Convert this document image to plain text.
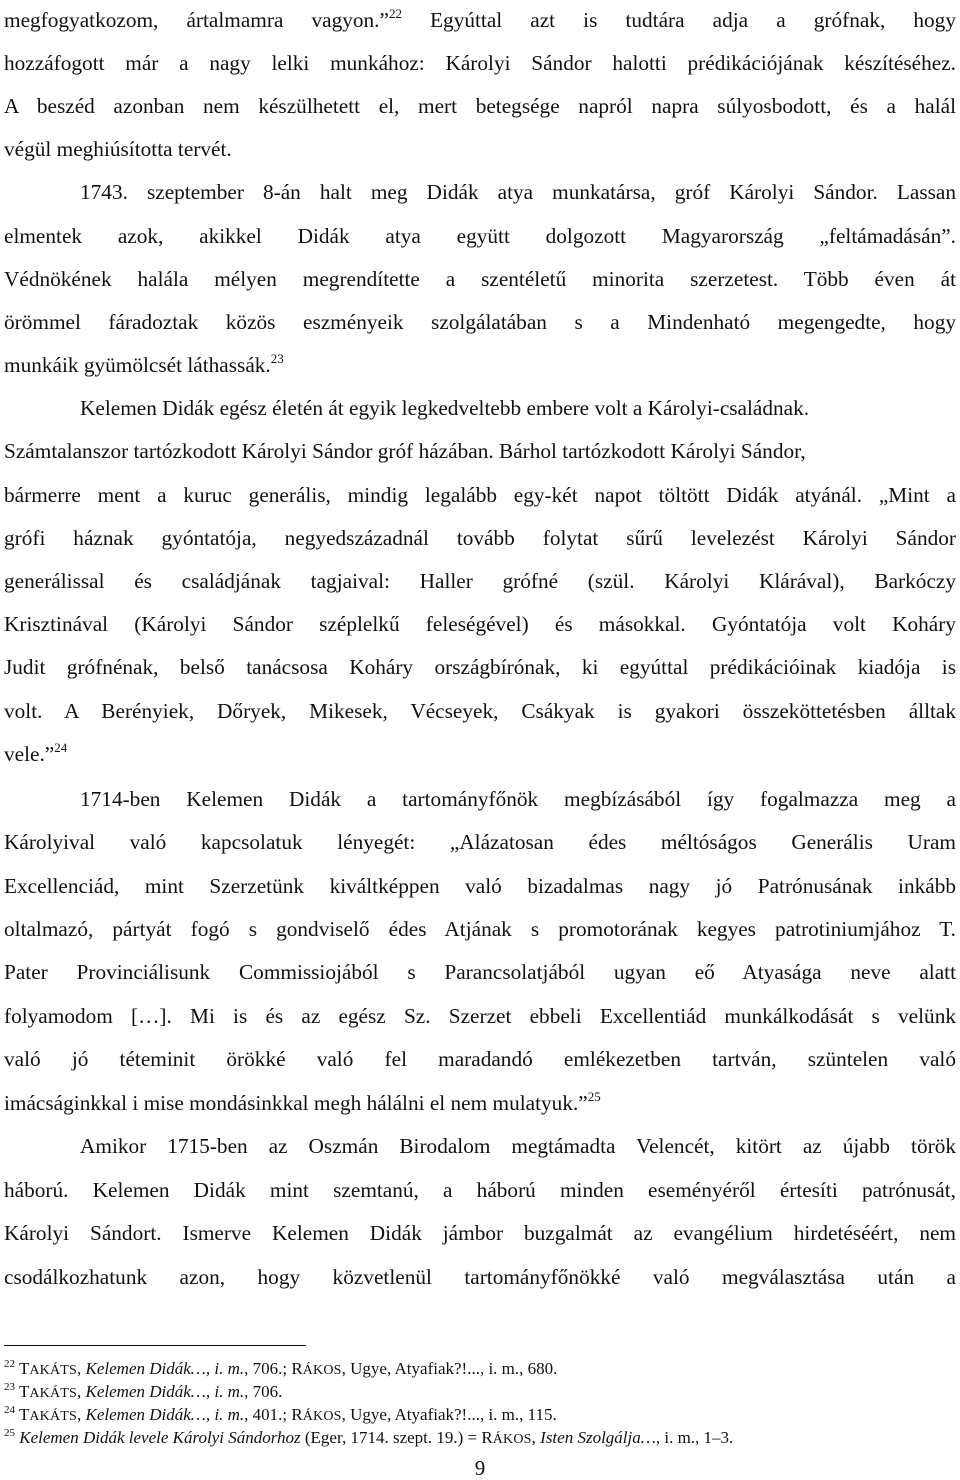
megfogyatkozom, ártalmamra vagyon.”$^{22}$ Egyúttal azt is tudtára adja a grófnak, hogy
hozzáfogott már a nagy lelki munkához: Károlyi Sándor halotti prédikációjának készítéséhez.
A beszéd azonban nem készülhetett el, mert betegsége napról napra súlyosbodott, és a halál
végül meghiúsította tervét.
1743. szeptember 8-án halt meg Didák atya munkatársa, gróf Károlyi Sándor. Lassan
elmentek azok, akikkel Didák atya együtt dolgozott Magyarország „feltámadásán”.
Védnökének halála mélyen megrendítette a szentéletű minorita szerzetest. Több éven át
örömmel fáradoztak közös eszményeik szolgálatában s a Mindenható megengedte, hogy
munkáik gyümölcsét láthassák.$^{23}$
Kelemen Didák egész életén át egyik legkedveltebb embere volt a Károlyi-családnak.
Számtalanszor tartózkodott Károlyi Sándor gróf házában. Bárhol tartózkodott Károlyi Sándor,
bármerre ment a kuruc generális, mindig legalább egy-két napot töltött Didák atyánál. „Mint a
grófi háznak gyóntatója, negyedszázadnál tovább folytat sűrű levelezést Károlyi Sándor
generálissal és családjának tagjaival: Haller grófné (szül. Károlyi Klárával), Barkóczy
Krisztinával (Károlyi Sándor széplelkű feleségével) és másokkal. Gyóntatója volt Koháry
Judit grófnénak, belső tanácsosa Koháry országbírónak, ki egyúttal prédikációinak kiadója is
volt. A Berényiek, Dőryek, Mikesek, Vécseyek, Csákyak is gyakori összeköttetésben álltak
vele.”$^{24}$
1714-ben Kelemen Didák a tartományfőnök megbízásából így fogalmazza meg a
Károlyival való kapcsolatuk lényegét: „Alázatosan édes méltóságos Generális Uram
Excellenciád, mint Szerzetünk kiváltképpen való bizadalmas nagy jó Patrónusának inkább
oltalmazó, pártyát fogó s gondviselő édes Atjának s promotorának kegyes patrotiniumjához T.
Pater Provinciálisunk Commissiojából s Parancsolatjából ugyan eő Atyasága neve alatt
folyamodom […]. Mi is és az egész Sz. Szerzet ebbeli Excellentiád munkálkodását s velünk
való jó téteminit örökké való fel maradandó emlékezetben tartván, szüntelen való
imácságinkkal i mise mondásinkkal megh hálálni el nem mulatyuk.”$^{25}$
Amikor 1715-ben az Oszmán Birodalom megtámadta Velencét, kitört az újabb török
háború. Kelemen Didák mint szemtanú, a háború minden eseményéről értesíti patrónusát,
Károlyi Sándort. Ismerve Kelemen Didák jámbor buzgalmát az evangélium hirdetéséért, nem
csodálkozhatunk azon, hogy közvetlenül tartományfőnökké való megválasztása után a
$^{22}$ TAKÁTS, Kelemen Didák…, i. m., 706.; RÁKOS, Ugye, Atyafiak?!..., i. m., 680.
$^{23}$ TAKÁTS, Kelemen Didák…, i. m., 706.
$^{24}$ TAKÁTS, Kelemen Didák…, i. m., 401.; RÁKOS, Ugye, Atyafiak?!..., i. m., 115.
$^{25}$ Kelemen Didák levele Károlyi Sándorhoz (Eger, 1714. szept. 19.) = RÁKOS, Isten Szolgálja…, i. m., 1–3.
9
